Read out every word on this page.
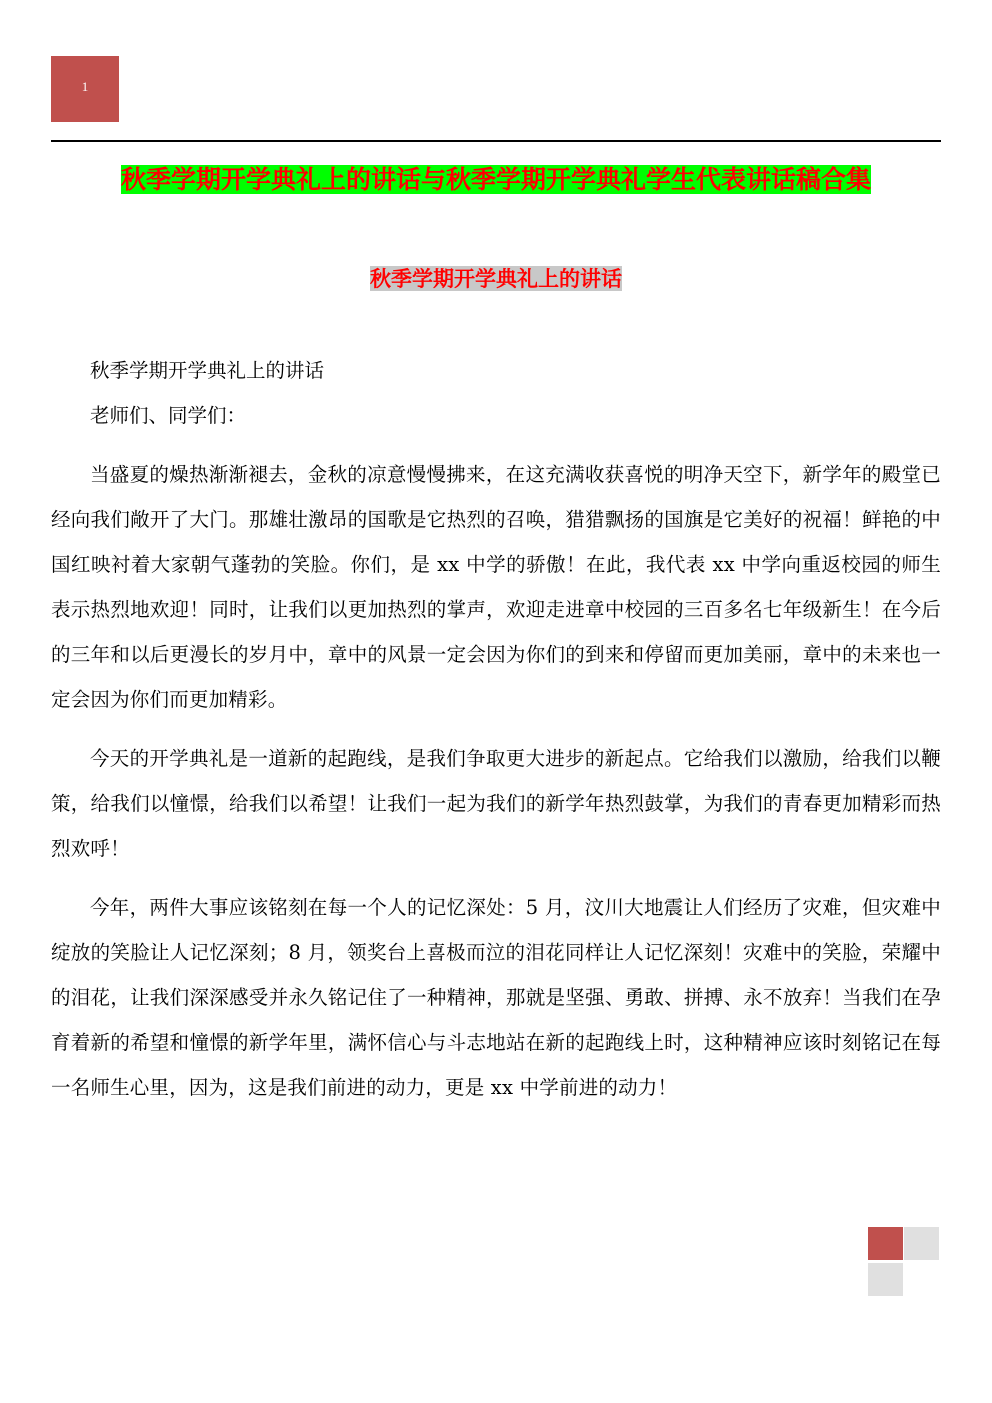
1
秋季学期开学典礼上的讲话与秋季学期开学典礼学生代表讲话稿合集
秋季学期开学典礼上的讲话

秋季学期开学典礼上的讲话

老师们、同学们：

当盛夏的燥热渐渐褪去，金秋的凉意慢慢拂来，在这充满收获喜悦的明净天空下，新学年的殿堂已经向我们敞开了大门。那雄壮激昂的国歌是它热烈的召唤，猎猎飘扬的国旗是它美好的祝福！鲜艳的中国红映衬着大家朝气蓬勃的笑脸。你们，是 xx 中学的骄傲！在此，我代表 xx 中学向重返校园的师生表示热烈地欢迎！同时，让我们以更加热烈的掌声，欢迎走进章中校园的三百多名七年级新生！在今后的三年和以后更漫长的岁月中，章中的风景一定会因为你们的到来和停留而更加美丽，章中的未来也一定会因为你们而更加精彩。

今天的开学典礼是一道新的起跑线，是我们争取更大进步的新起点。它给我们以激励，给我们以鞭策，给我们以憧憬，给我们以希望！让我们一起为我们的新学年热烈鼓掌，为我们的青春更加精彩而热烈欢呼！

今年，两件大事应该铭刻在每一个人的记忆深处：5 月，汶川大地震让人们经历了灾难，但灾难中绽放的笑脸让人记忆深刻；8 月，领奖台上喜极而泣的泪花同样让人记忆深刻！灾难中的笑脸，荣耀中的泪花，让我们深深感受并永久铭记住了一种精神，那就是坚强、勇敢、拼搏、永不放弃！当我们在孕育着新的希望和憧憬的新学年里，满怀信心与斗志地站在新的起跑线上时，这种精神应该时刻铭记在每一名师生心里，因为，这是我们前进的动力，更是 xx 中学前进的动力！
